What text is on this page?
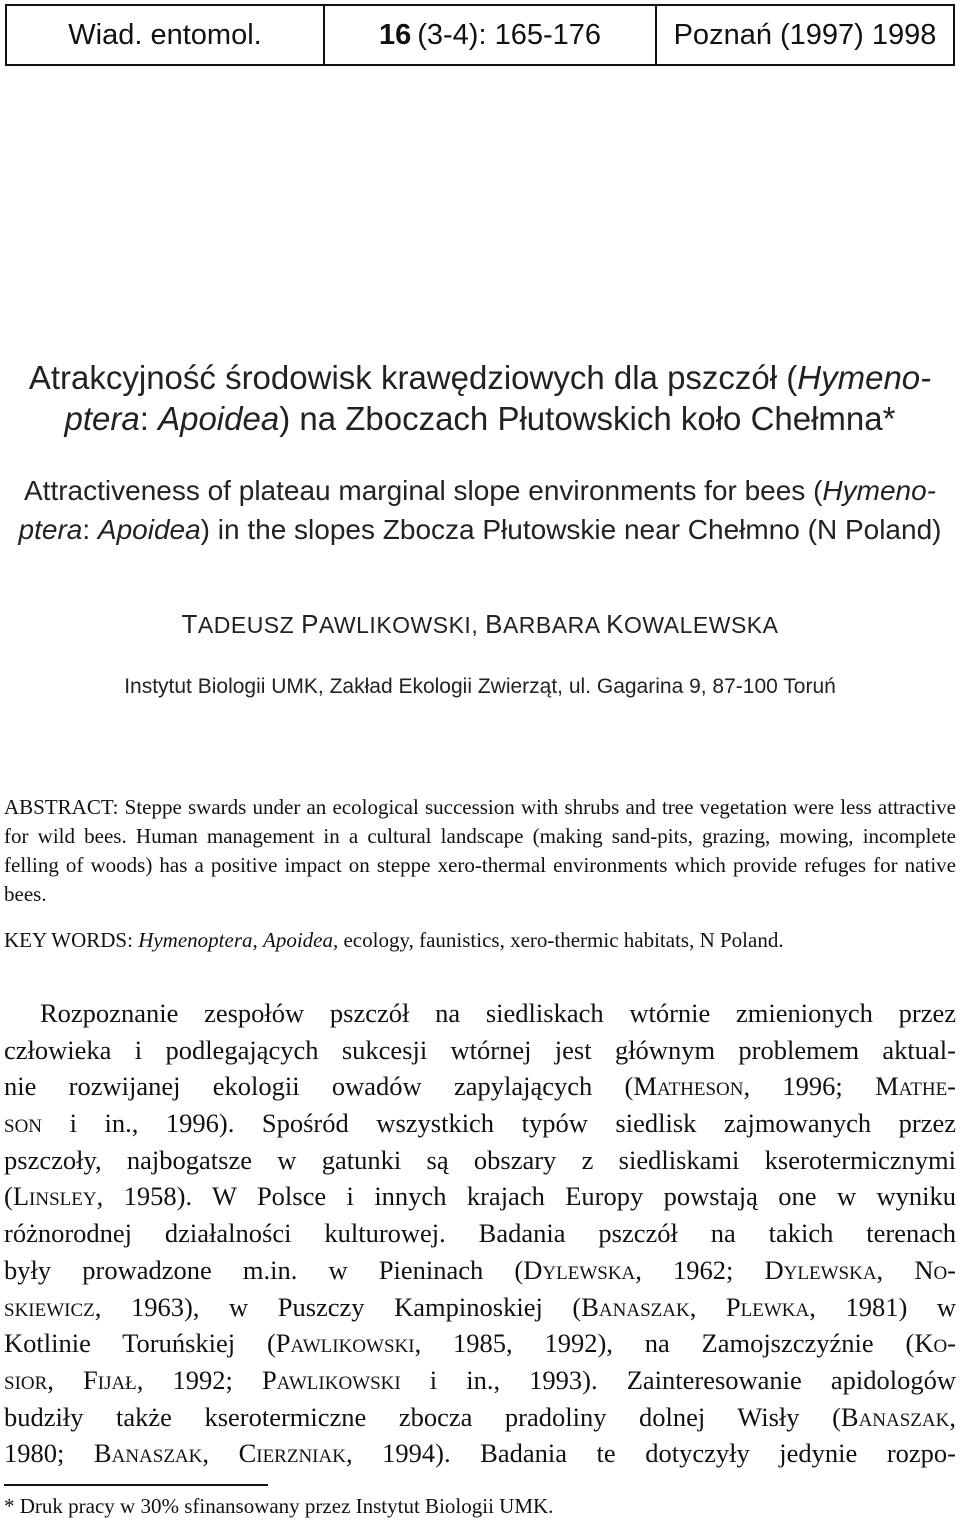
Wiad. entomol.	16 (3-4): 165-176	Poznań (1997) 1998
Atrakcyjność środowisk krawędziowych dla pszczół (Hymeno-
ptera: Apoidea) na Zboczach Płutowskich koło Chełmna*
Attractiveness of plateau marginal slope environments for bees (Hymeno-
ptera: Apoidea) in the slopes Zbocza Płutowskie near Chełmno (N Poland)
TADEUSZ PAWLIKOWSKI, BARBARA KOWALEWSKA
Instytut Biologii UMK, Zakład Ekologii Zwierząt, ul. Gagarina 9, 87-100 Toruń
ABSTRACT: Steppe swards under an ecological succession with shrubs and tree vegetation were less attractive for wild bees. Human management in a cultural landscape (making sand-pits, grazing, mowing, incomplete felling of woods) has a positive impact on steppe xero-thermal environments which provide refuges for native bees.
KEY WORDS: Hymenoptera, Apoidea, ecology, faunistics, xero-thermic habitats, N Poland.
Rozpoznanie zespołów pszczół na siedliskach wtórnie zmienionych przez
człowieka i podlegających sukcesji wtórnej jest głównym problemem aktual-
nie rozwijanej ekologii owadów zapylających (Matheson, 1996; Mathe-
son i in., 1996). Spośród wszystkich typów siedlisk zajmowanych przez
pszczoły, najbogatsze w gatunki są obszary z siedliskami kserotermicznymi
(Linsley, 1958). W Polsce i innych krajach Europy powstają one w wyniku
różnorodnej działalności kulturowej. Badania pszczół na takich terenach
były prowadzone m.in. w Pieninach (Dylewska, 1962; Dylewska, No-
skiewicz, 1963), w Puszczy Kampinoskiej (Banaszak, Plewka, 1981) w
Kotlinie Toruńskiej (Pawlikowski, 1985, 1992), na Zamojszczyźnie (Ko-
sior, Fijał, 1992; Pawlikowski i in., 1993). Zainteresowanie apidologów
budziły także kserotermiczne zbocza pradoliny dolnej Wisły (Banaszak,
1980; Banaszak, Cierzniak, 1994). Badania te dotyczyły jedynie rozpo-
* Druk pracy w 30% sfinansowany przez Instytut Biologii UMK.
